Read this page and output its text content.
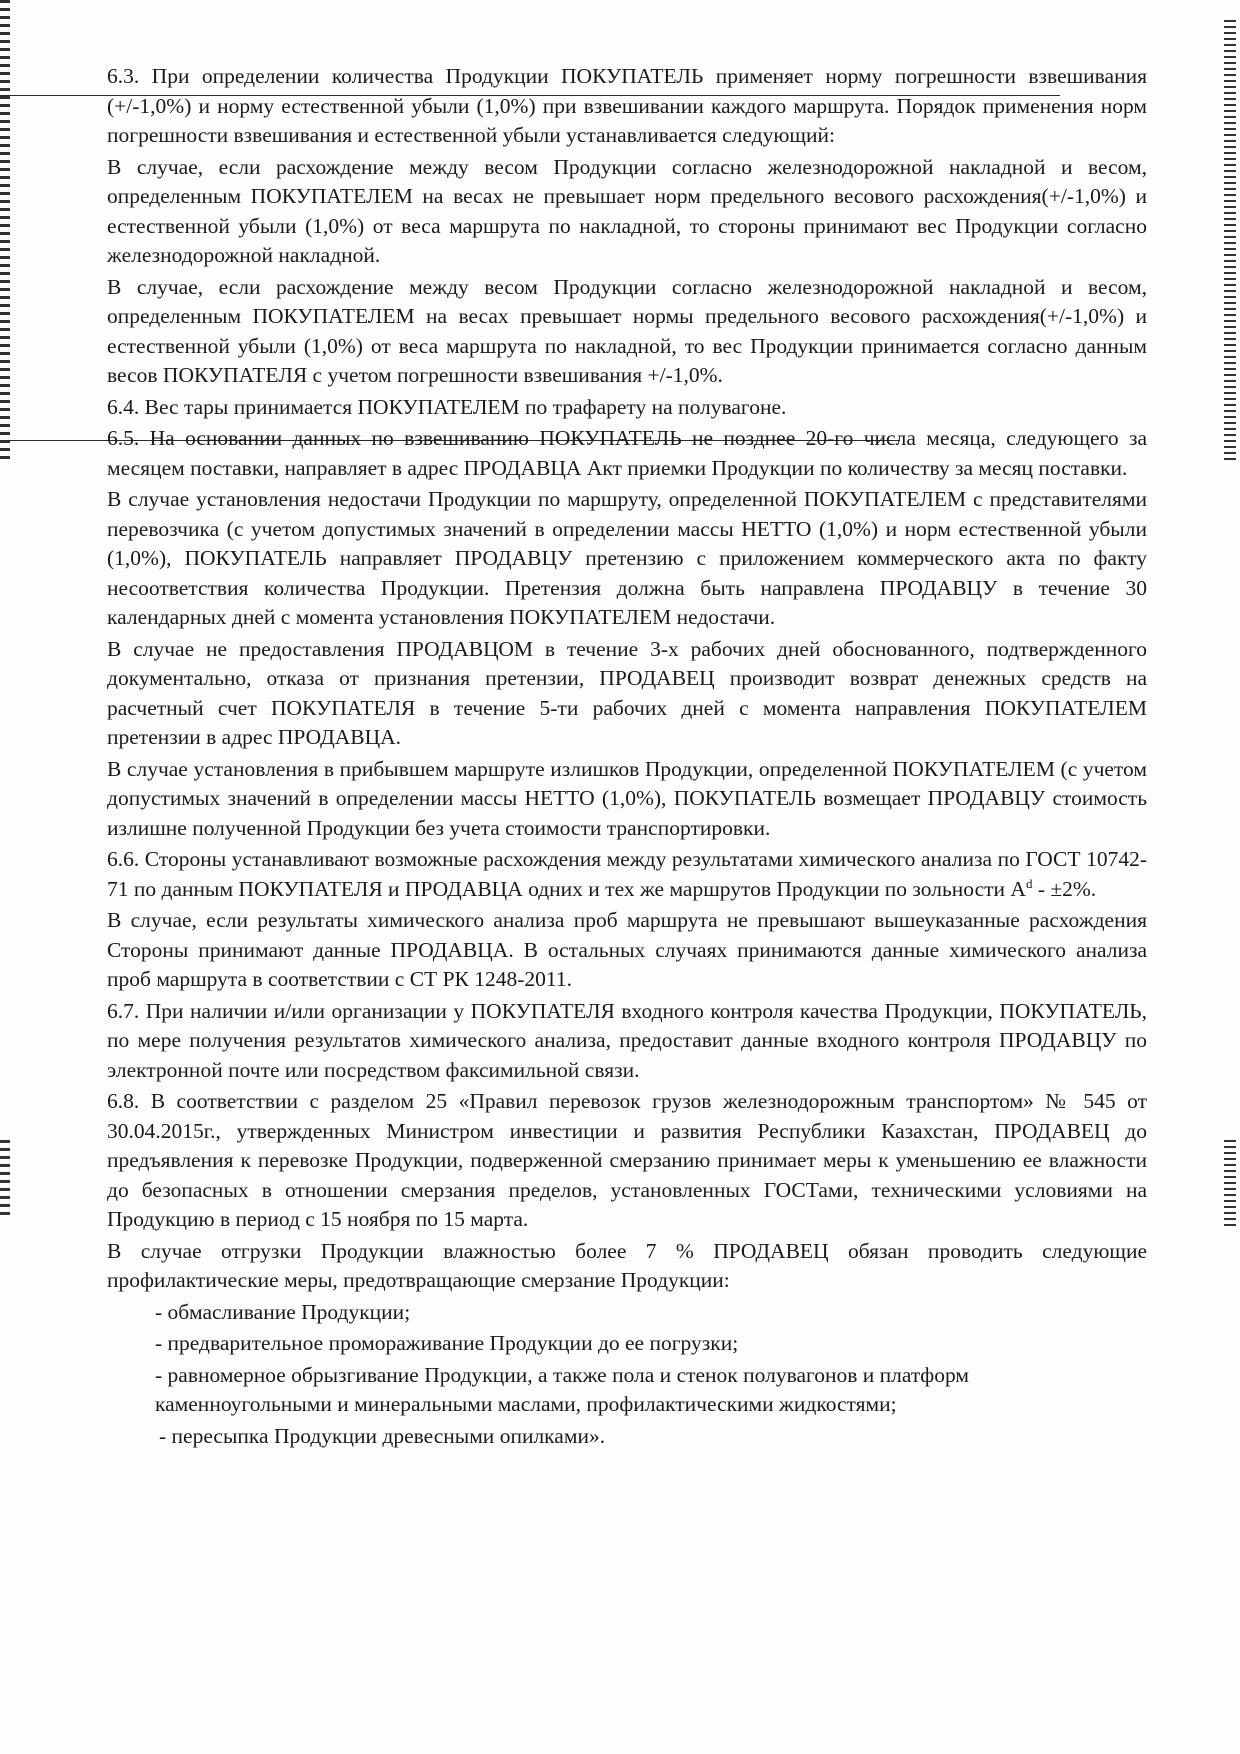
6.3. При определении количества Продукции ПОКУПАТЕЛЬ применяет норму погрешности взвешивания (+/-1,0%) и норму естественной убыли (1,0%) при взвешивании каждого маршрута. Порядок применения норм погрешности взвешивания и естественной убыли устанавливается следующий:

В случае, если расхождение между весом Продукции согласно железнодорожной накладной и весом, определенным ПОКУПАТЕЛЕМ на весах не превышает норм предельного весового расхождения(+/-1,0%) и естественной убыли (1,0%) от веса маршрута по накладной, то стороны принимают вес Продукции согласно железнодорожной накладной.

В случае, если расхождение между весом Продукции согласно железнодорожной накладной и весом, определенным ПОКУПАТЕЛЕМ на весах превышает нормы предельного весового расхождения(+/-1,0%) и естественной убыли (1,0%) от веса маршрута по накладной, то вес Продукции принимается согласно данным весов ПОКУПАТЕЛЯ с учетом погрешности взвешивания +/-1,0%.

6.4. Вес тары принимается ПОКУПАТЕЛЕМ по трафарету на полувагоне.

6.5. На основании данных по взвешиванию ПОКУПАТЕЛЬ не позднее 20-го числа месяца, следующего за месяцем поставки, направляет в адрес ПРОДАВЦА Акт приемки Продукции по количеству за месяц поставки.

В случае установления недостачи Продукции по маршруту, определенной ПОКУПАТЕЛЕМ с представителями перевозчика (с учетом допустимых значений в определении массы НЕТТО (1,0%) и норм естественной убыли (1,0%), ПОКУПАТЕЛЬ направляет ПРОДАВЦУ претензию с приложением коммерческого акта по факту несоответствия количества Продукции. Претензия должна быть направлена ПРОДАВЦУ в течение 30 календарных дней с момента установления ПОКУПАТЕЛЕМ недостачи.

В случае не предоставления ПРОДАВЦОМ в течение 3-х рабочих дней обоснованного, подтвержденного документально, отказа от признания претензии, ПРОДАВЕЦ производит возврат денежных средств на расчетный счет ПОКУПАТЕЛЯ в течение 5-ти рабочих дней с момента направления ПОКУПАТЕЛЕМ претензии в адрес ПРОДАВЦА.

В случае установления в прибывшем маршруте излишков Продукции, определенной ПОКУПАТЕЛЕМ (с учетом допустимых значений в определении массы НЕТТО (1,0%), ПОКУПАТЕЛЬ возмещает ПРОДАВЦУ стоимость излишне полученной Продукции без учета стоимости транспортировки.

6.6. Стороны устанавливают возможные расхождения между результатами химического анализа по ГОСТ 10742-71 по данным ПОКУПАТЕЛЯ и ПРОДАВЦА одних и тех же маршрутов Продукции по зольности $A^d - \pm 2\%$.

В случае, если результаты химического анализа проб маршрута не превышают вышеуказанные расхождения Стороны принимают данные ПРОДАВЦА. В остальных случаях принимаются данные химического анализа проб маршрута в соответствии с СТ РК 1248-2011.

6.7. При наличии и/или организации у ПОКУПАТЕЛЯ входного контроля качества Продукции, ПОКУПАТЕЛЬ, по мере получения результатов химического анализа, предоставит данные входного контроля ПРОДАВЦУ по электронной почте или посредством факсимильной связи.

6.8. В соответствии с разделом 25 «Правил перевозок грузов железнодорожным транспортом» № 545 от 30.04.2015г., утвержденных Министром инвестиции и развития Республики Казахстан, ПРОДАВЕЦ до предъявления к перевозке Продукции, подверженной смерзанию принимает меры к уменьшению ее влажности до безопасных в отношении смерзания пределов, установленных ГОСТами, техническими условиями на Продукцию в период с 15 ноября по 15 марта.

В случае отгрузки Продукции влажностью более 7 % ПРОДАВЕЦ обязан проводить следующие профилактические меры, предотвращающие смерзание Продукции:

- обмасливание Продукции;

- предварительное промораживание Продукции до ее погрузки;

- равномерное обрызгивание Продукции, а также пола и стенок полувагонов и платформ каменноугольными и минеральными маслами, профилактическими жидкостями;

- пересыпка Продукции древесными опилками».
